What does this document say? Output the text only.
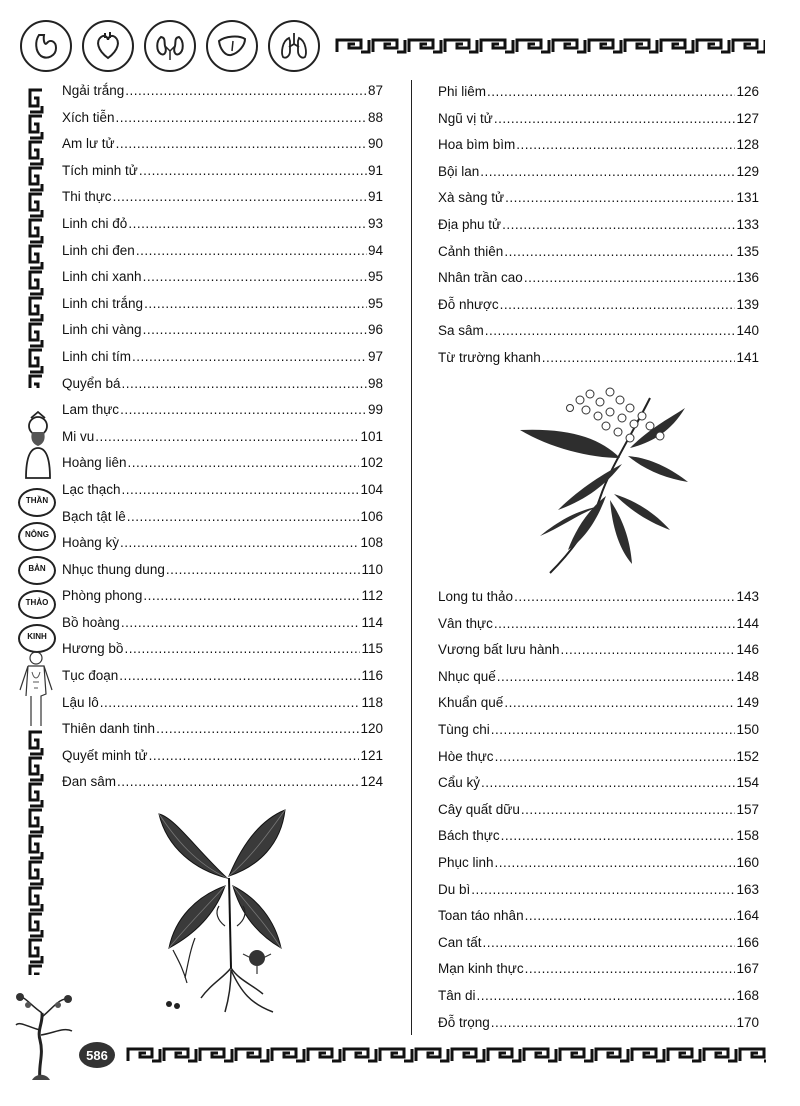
THẦN
NÔNG
BẢN
THẢO
KINH
586
Ngải trắng .....	87
Xích tiễn .....	88
Am lư tử .....	90
Tích minh tử .....	91
Thi thực .....	91
Linh chi đỏ .....	93
Linh chi đen .....	94
Linh chi xanh .....	95
Linh chi trắng .....	95
Linh chi vàng .....	96
Linh chi tím .....	97
Quyển bá .....	98
Lam thực .....	99
Mi vu .....	101
Hoàng liên .....	102
Lạc thạch .....	104
Bạch tật lê .....	106
Hoàng kỳ .....	108
Nhục thung dung .....	110
Phòng phong .....	112
Bồ hoàng .....	114
Hương bồ .....	115
Tục đoạn .....	116
Lậu lô .....	118
Thiên danh tinh .....	120
Quyết minh tử .....	121
Đan sâm .....	124
Phi liêm .....	126
Ngũ vị tử .....	127
Hoa bìm bìm .....	128
Bội lan .....	129
Xà sàng tử .....	131
Địa phu tử .....	133
Cảnh thiên .....	135
Nhân trần cao .....	136
Đỗ nhược .....	139
Sa sâm .....	140
Từ trường khanh .....	141
Long tu thảo .....	143
Vân thực .....	144
Vương bất lưu hành .....	146
Nhục quế .....	148
Khuẩn quế .....	149
Tùng chi .....	150
Hòe thực .....	152
Cẩu kỷ .....	154
Cây quất dữu .....	157
Bách thực .....	158
Phục linh .....	160
Du bì .....	163
Toan táo nhân .....	164
Can tất .....	166
Mạn kinh thực .....	167
Tân di .....	168
Đỗ trọng .....	170
